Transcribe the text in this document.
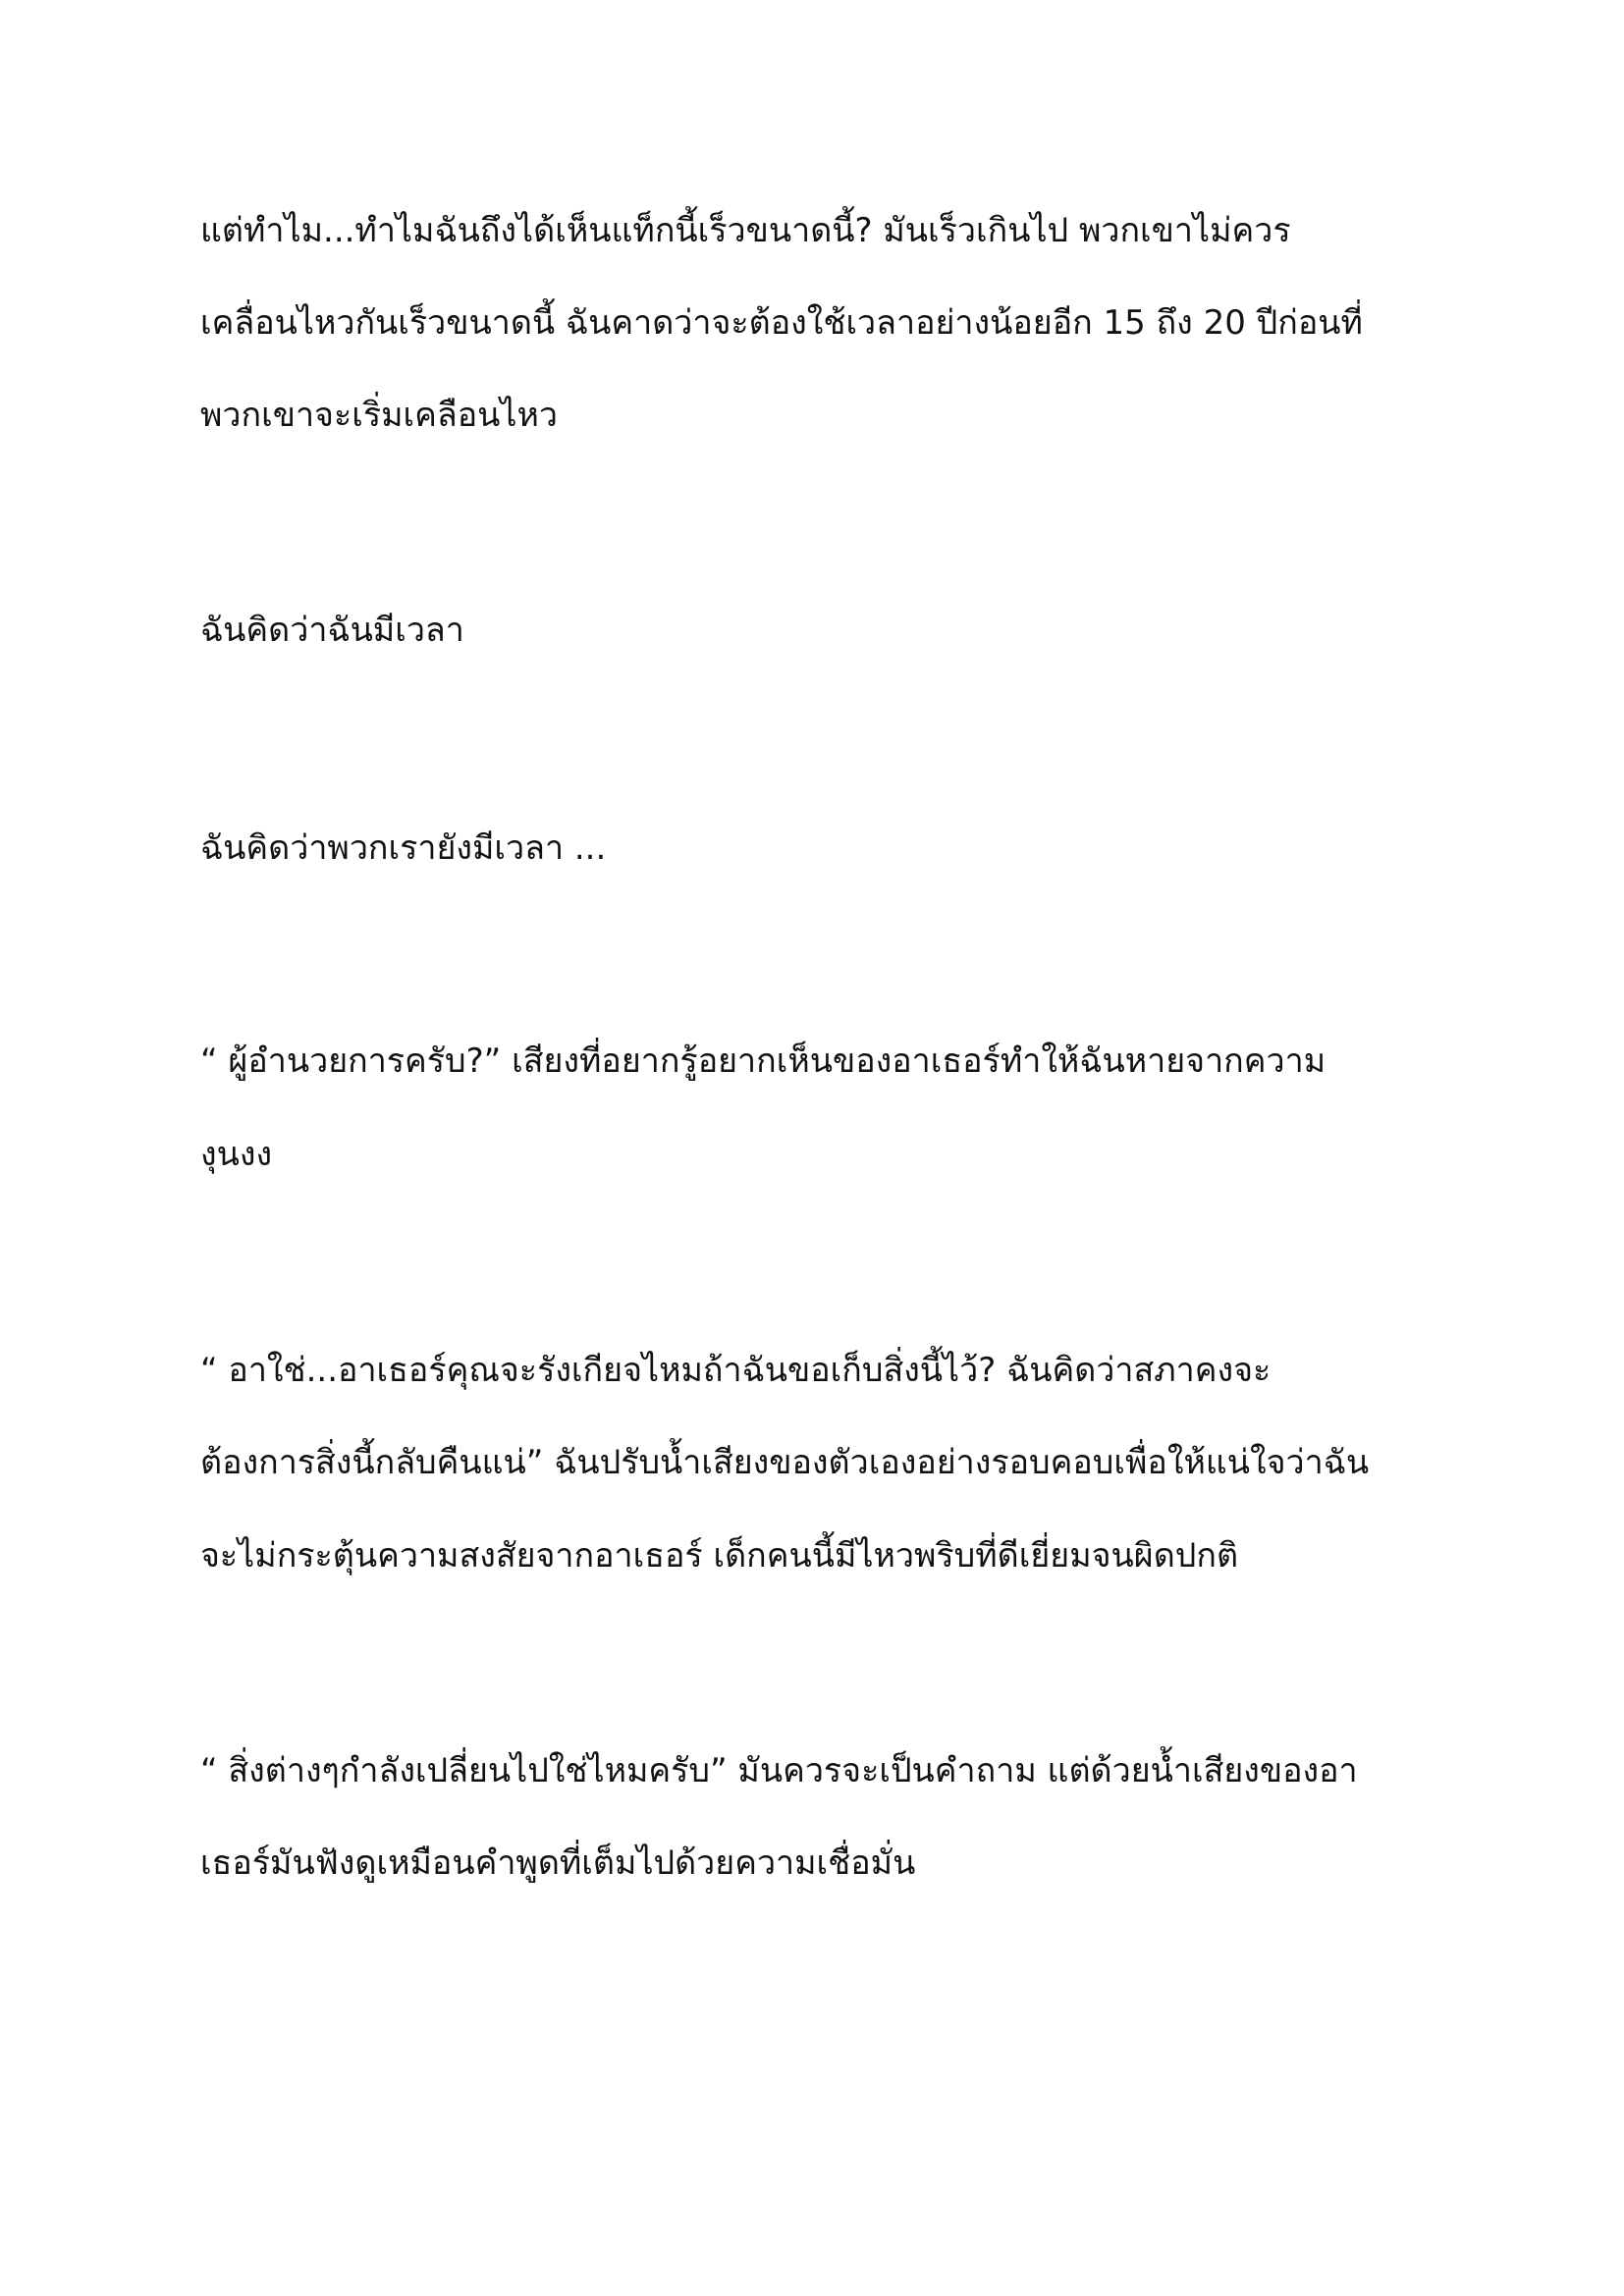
แต่ทำไม...ทำไมฉันถึงได้เห็นแท็กนี้เร็วขนาดนี้? มันเร็วเกินไป พวกเขาไม่ควร

เคลื่อนไหวกันเร็วขนาดนี้ ฉันคาดว่าจะต้องใช้เวลาอย่างน้อยอีก 15 ถึง 20 ปีก่อนที่

พวกเขาจะเริ่มเคลือนไหว

ฉันคิดว่าฉันมีเวลา

ฉันคิดว่าพวกเรายังมีเวลา ...

“ ผู้อำนวยการครับ?” เสียงที่อยากรู้อยากเห็นของอาเธอร์ทำให้ฉันหายจากความ

งุนงง

“ อาใช่...อาเธอร์คุณจะรังเกียจไหมถ้าฉันขอเก็บสิ่งนี้ไว้? ฉันคิดว่าสภาคงจะ

ต้องการสิ่งนี้กลับคืนแน่” ฉันปรับน้ำเสียงของตัวเองอย่างรอบคอบเพื่อให้แน่ใจว่าฉัน

จะไม่กระตุ้นความสงสัยจากอาเธอร์ เด็กคนนี้มีไหวพริบที่ดีเยี่ยมจนผิดปกติ

“ สิ่งต่างๆกำลังเปลี่ยนไปใช่ไหมครับ” มันควรจะเป็นคำถาม แต่ด้วยน้ำเสียงของอา

เธอร์มันฟังดูเหมือนคำพูดที่เต็มไปด้วยความเชื่อมั่น
